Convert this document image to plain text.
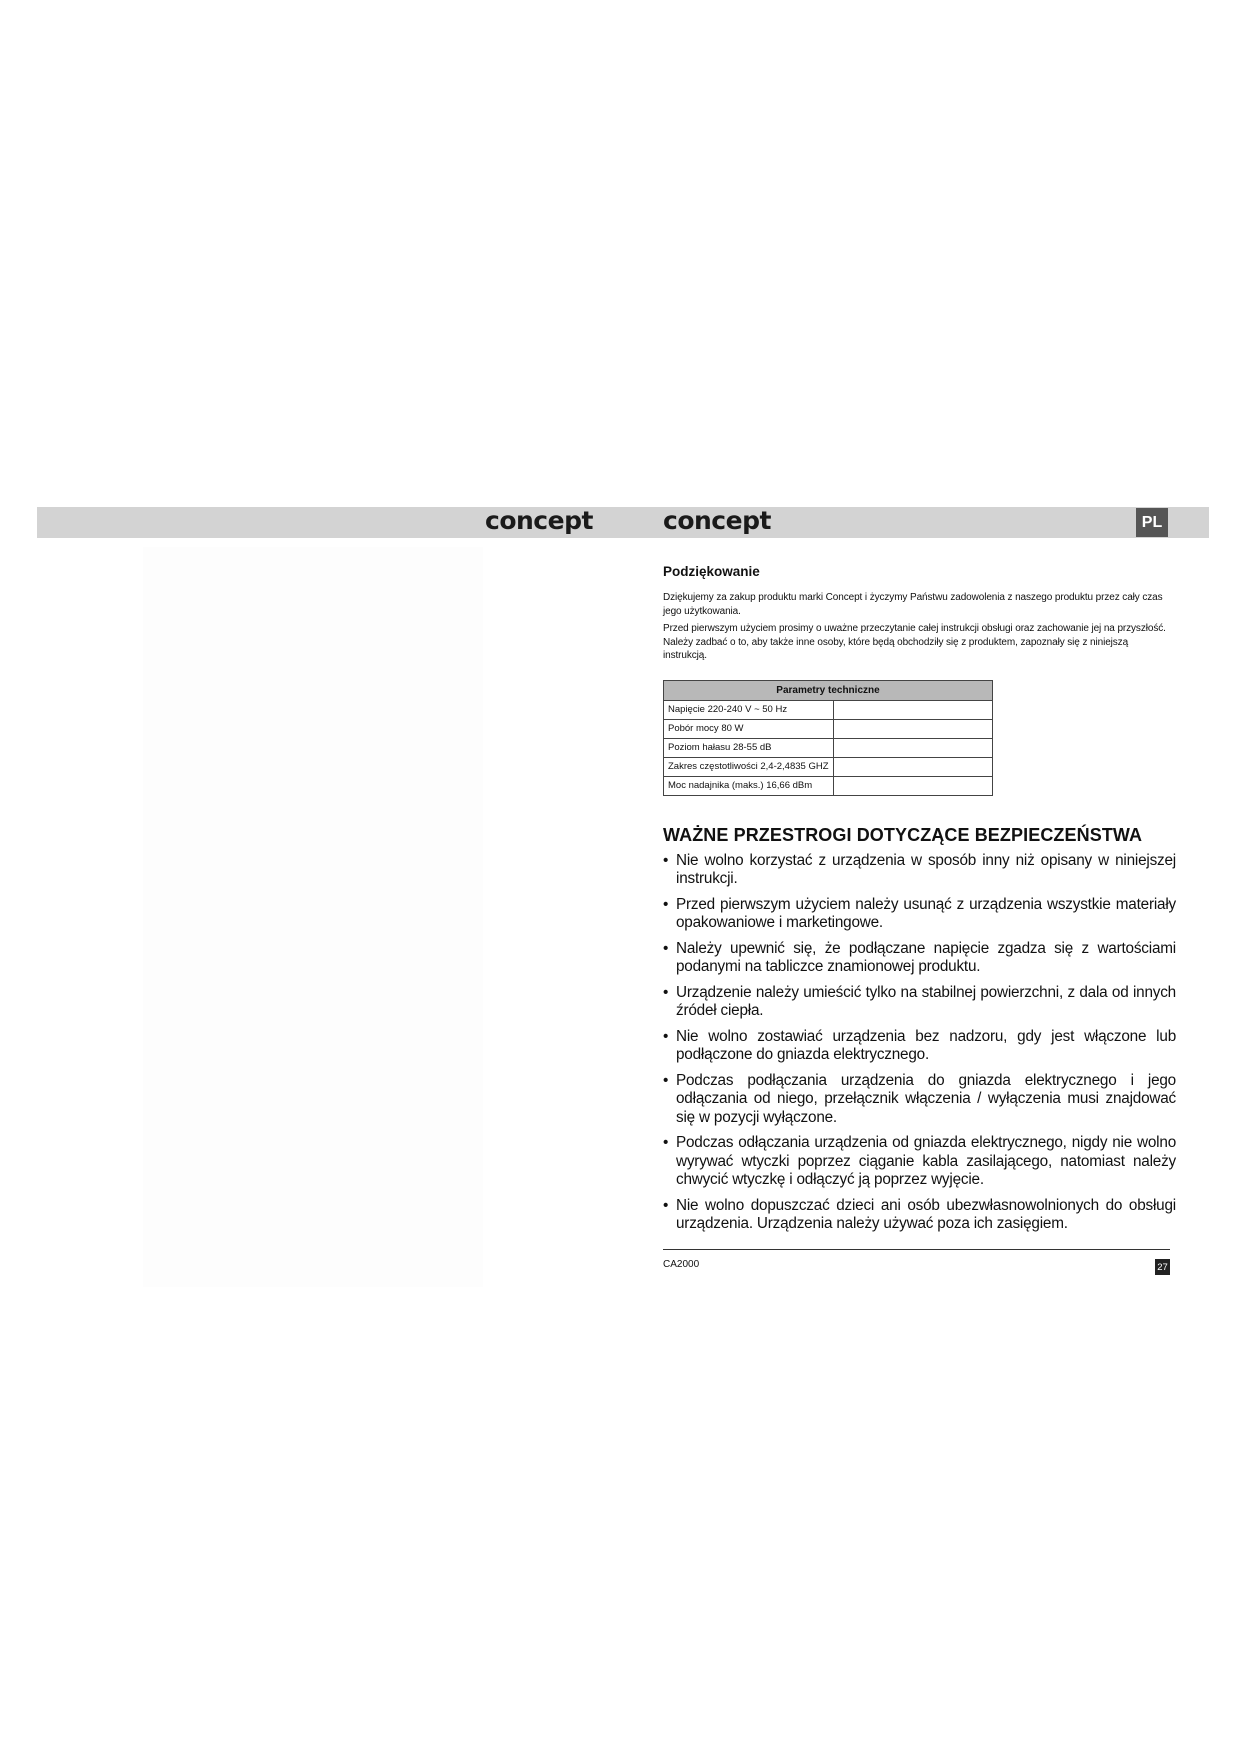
concept	concept	PL
Podziękowanie

Dziękujemy za zakup produktu marki Concept i życzymy Państwu zadowolenia z naszego produktu przez cały czas jego użytkowania.

Przed pierwszym użyciem prosimy o uważne przeczytanie całej instrukcji obsługi oraz zachowanie jej na przyszłość. Należy zadbać o to, aby także inne osoby, które będą obchodziły się z produktem, zapoznały się z niniejszą instrukcją.

Parametry techniczne	
Napięcie 220-240 V ~ 50 Hz	
Pobór mocy 80 W	
Poziom hałasu 28-55 dB	
Zakres częstotliwości 2,4-2,4835 GHZ	
Moc nadajnika (maks.) 16,66 dBm	
WAŻNE PRZESTROGI DOTYCZĄCE BEZPIECZEŃSTWA
• Nie wolno korzystać z urządzenia w sposób inny niż opisany w niniejszej instrukcji.
• Przed pierwszym użyciem należy usunąć z urządzenia wszystkie materiały opakowaniowe i marketingowe.
• Należy upewnić się, że podłączane napięcie zgadza się z wartościami podanymi na tabliczce znamionowej produktu.
• Urządzenie należy umieścić tylko na stabilnej powierzchni, z dala od innych źródeł ciepła.
• Nie wolno zostawiać urządzenia bez nadzoru, gdy jest włączone lub podłączone do gniazda elektrycznego.
• Podczas podłączania urządzenia do gniazda elektrycznego i jego odłączania od niego, przełącznik włączenia / wyłączenia musi znajdować się w pozycji wyłączone.
• Podczas odłączania urządzenia od gniazda elektrycznego, nigdy nie wolno wyrywać wtyczki poprzez ciąganie kabla zasilającego, natomiast należy chwycić wtyczkę i odłączyć ją poprzez wyjęcie.
• Nie wolno dopuszczać dzieci ani osób ubezwłasnowolnionych do obsługi urządzenia. Urządzenia należy używać poza ich zasięgiem.
CA2000	27
